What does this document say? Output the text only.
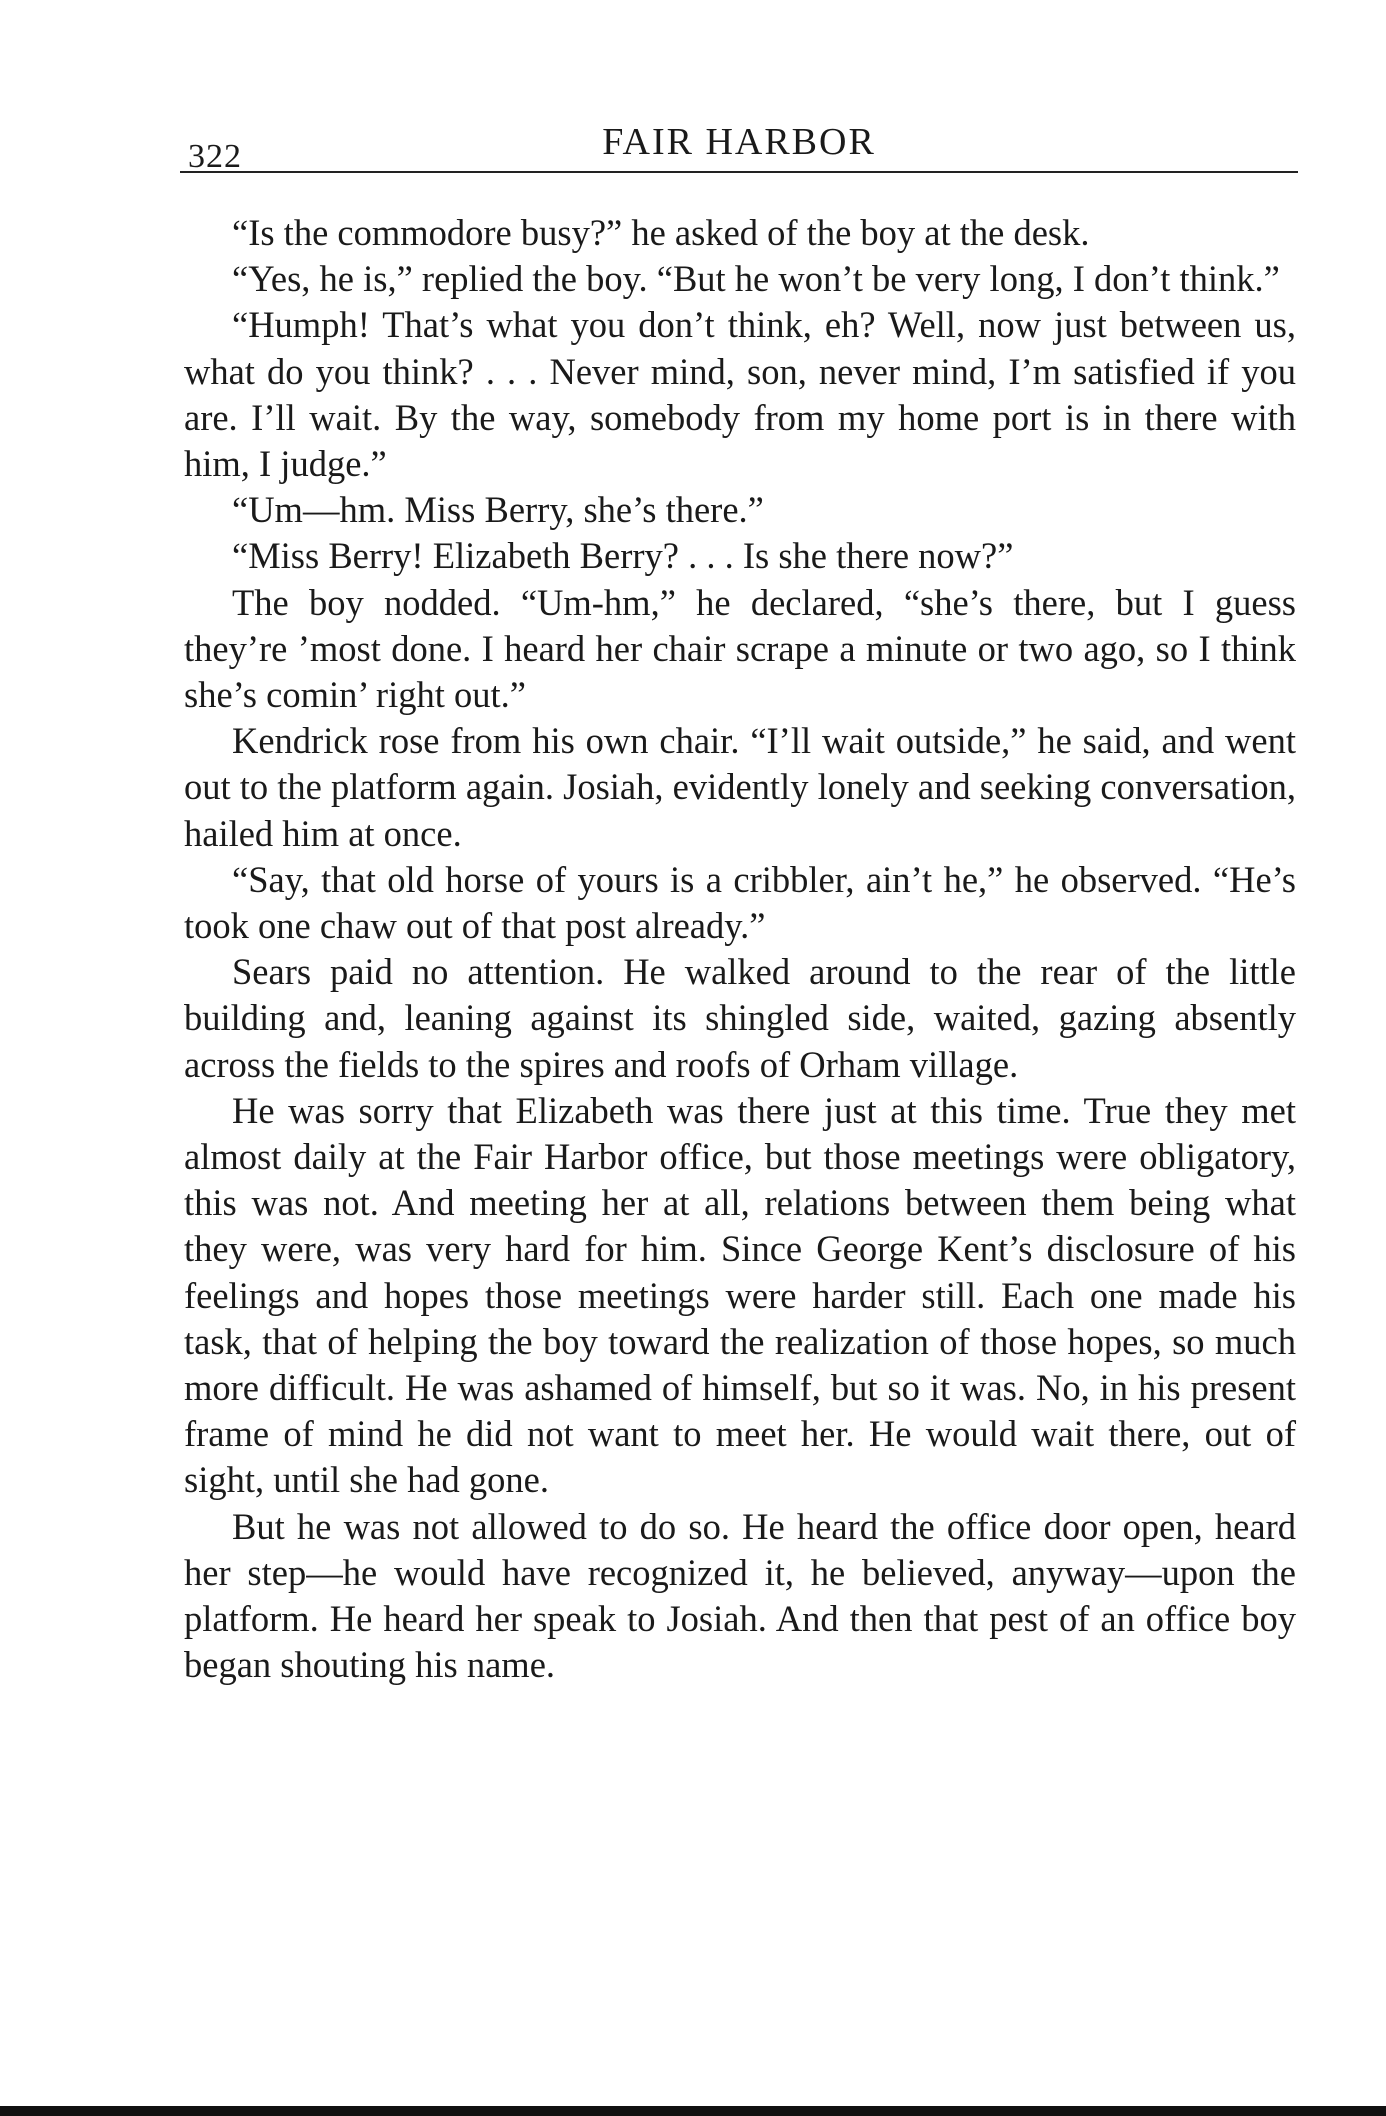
322	FAIR HARBOR

“Is the commodore busy?” he asked of the boy at the desk.

“Yes, he is,” replied the boy. “But he won’t be very long, I don’t think.”

“Humph! That’s what you don’t think, eh? Well, now just between us, what do you think? . . . Never mind, son, never mind, I’m satisfied if you are. I’ll wait. By the way, somebody from my home port is in there with him, I judge.”

“Um—hm. Miss Berry, she’s there.”

“Miss Berry! Elizabeth Berry? . . . Is she there now?”

The boy nodded. “Um-hm,” he declared, “she’s there, but I guess they’re ’most done. I heard her chair scrape a minute or two ago, so I think she’s comin’ right out.”

Kendrick rose from his own chair. “I’ll wait outside,” he said, and went out to the platform again. Josiah, evidently lonely and seeking conversation, hailed him at once.

“Say, that old horse of yours is a cribbler, ain’t he,” he observed. “He’s took one chaw out of that post already.”

Sears paid no attention. He walked around to the rear of the little building and, leaning against its shingled side, waited, gazing absently across the fields to the spires and roofs of Orham village.

He was sorry that Elizabeth was there just at this time. True they met almost daily at the Fair Harbor office, but those meetings were obligatory, this was not. And meeting her at all, relations between them being what they were, was very hard for him. Since George Kent’s disclosure of his feelings and hopes those meetings were harder still. Each one made his task, that of helping the boy toward the realization of those hopes, so much more difficult. He was ashamed of himself, but so it was. No, in his present frame of mind he did not want to meet her. He would wait there, out of sight, until she had gone.

But he was not allowed to do so. He heard the office door open, heard her step—he would have recognized it, he believed, anyway—upon the platform. He heard her speak to Josiah. And then that pest of an office boy began shouting his name.
